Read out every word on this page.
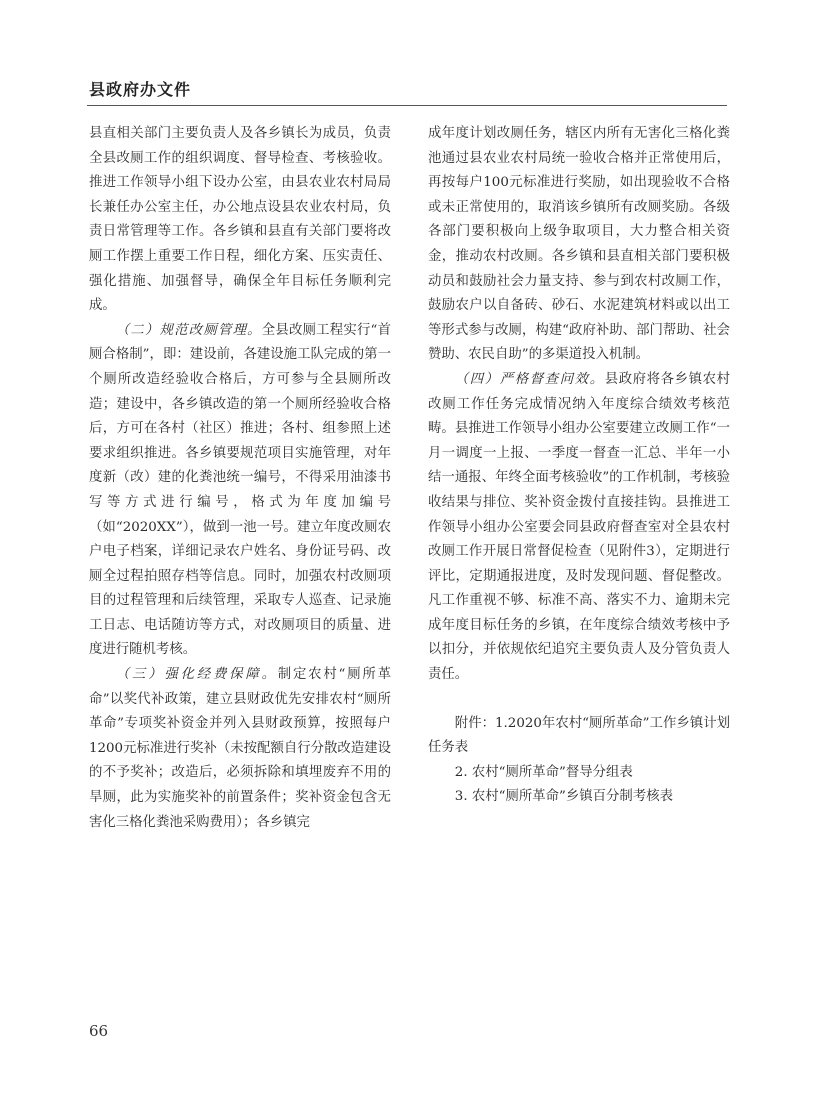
县政府办文件

县直相关部门主要负责人及各乡镇长为成员，负责全县改厕工作的组织调度、督导检查、考核验收。推进工作领导小组下设办公室，由县农业农村局局长兼任办公室主任，办公地点设县农业农村局，负责日常管理等工作。各乡镇和县直有关部门要将改厕工作摆上重要工作日程，细化方案、压实责任、强化措施、加强督导，确保全年目标任务顺利完成。

（二）规范改厕管理。全县改厕工程实行“首厕合格制”，即：建设前，各建设施工队完成的第一个厕所改造经验收合格后，方可参与全县厕所改造；建设中，各乡镇改造的第一个厕所经验收合格后，方可在各村（社区）推进；各村、组参照上述要求组织推进。各乡镇要规范项目实施管理，对年度新（改）建的化粪池统一编号，不得采用油漆书写等方式进行编号，格式为年度加编号（如“2020XX”），做到一池一号。建立年度改厕农户电子档案，详细记录农户姓名、身份证号码、改厕全过程拍照存档等信息。同时，加强农村改厕项目的过程管理和后续管理，采取专人巡查、记录施工日志、电话随访等方式，对改厕项目的质量、进度进行随机考核。

（三）强化经费保障。制定农村“厕所革命”以奖代补政策，建立县财政优先安排农村“厕所革命”专项奖补资金并列入县财政预算，按照每户1200元标准进行奖补（未按配额自行分散改造建设的不予奖补；改造后，必须拆除和填埋废弃不用的旱厕，此为实施奖补的前置条件；奖补资金包含无害化三格化粪池采购费用）；各乡镇完

成年度计划改厕任务，辖区内所有无害化三格化粪池通过县农业农村局统一验收合格并正常使用后，再按每户100元标准进行奖励，如出现验收不合格或未正常使用的，取消该乡镇所有改厕奖励。各级各部门要积极向上级争取项目，大力整合相关资金，推动农村改厕。各乡镇和县直相关部门要积极动员和鼓励社会力量支持、参与到农村改厕工作，鼓励农户以自备砖、砂石、水泥建筑材料或以出工等形式参与改厕，构建“政府补助、部门帮助、社会赞助、农民自助”的多渠道投入机制。

（四）严格督查问效。县政府将各乡镇农村改厕工作任务完成情况纳入年度综合绩效考核范畴。县推进工作领导小组办公室要建立改厕工作“一月一调度一上报、一季度一督查一汇总、半年一小结一通报、年终全面考核验收”的工作机制，考核验收结果与排位、奖补资金拨付直接挂钩。县推进工作领导小组办公室要会同县政府督查室对全县农村改厕工作开展日常督促检查（见附件3），定期进行评比，定期通报进度，及时发现问题、督促整改。凡工作重视不够、标准不高、落实不力、逾期未完成年度目标任务的乡镇，在年度综合绩效考核中予以扣分，并依规依纪追究主要负责人及分管负责人责任。

附件：1.2020年农村“厕所革命”工作乡镇计划任务表

2. 农村“厕所革命”督导分组表

3. 农村“厕所革命”乡镇百分制考核表

66
